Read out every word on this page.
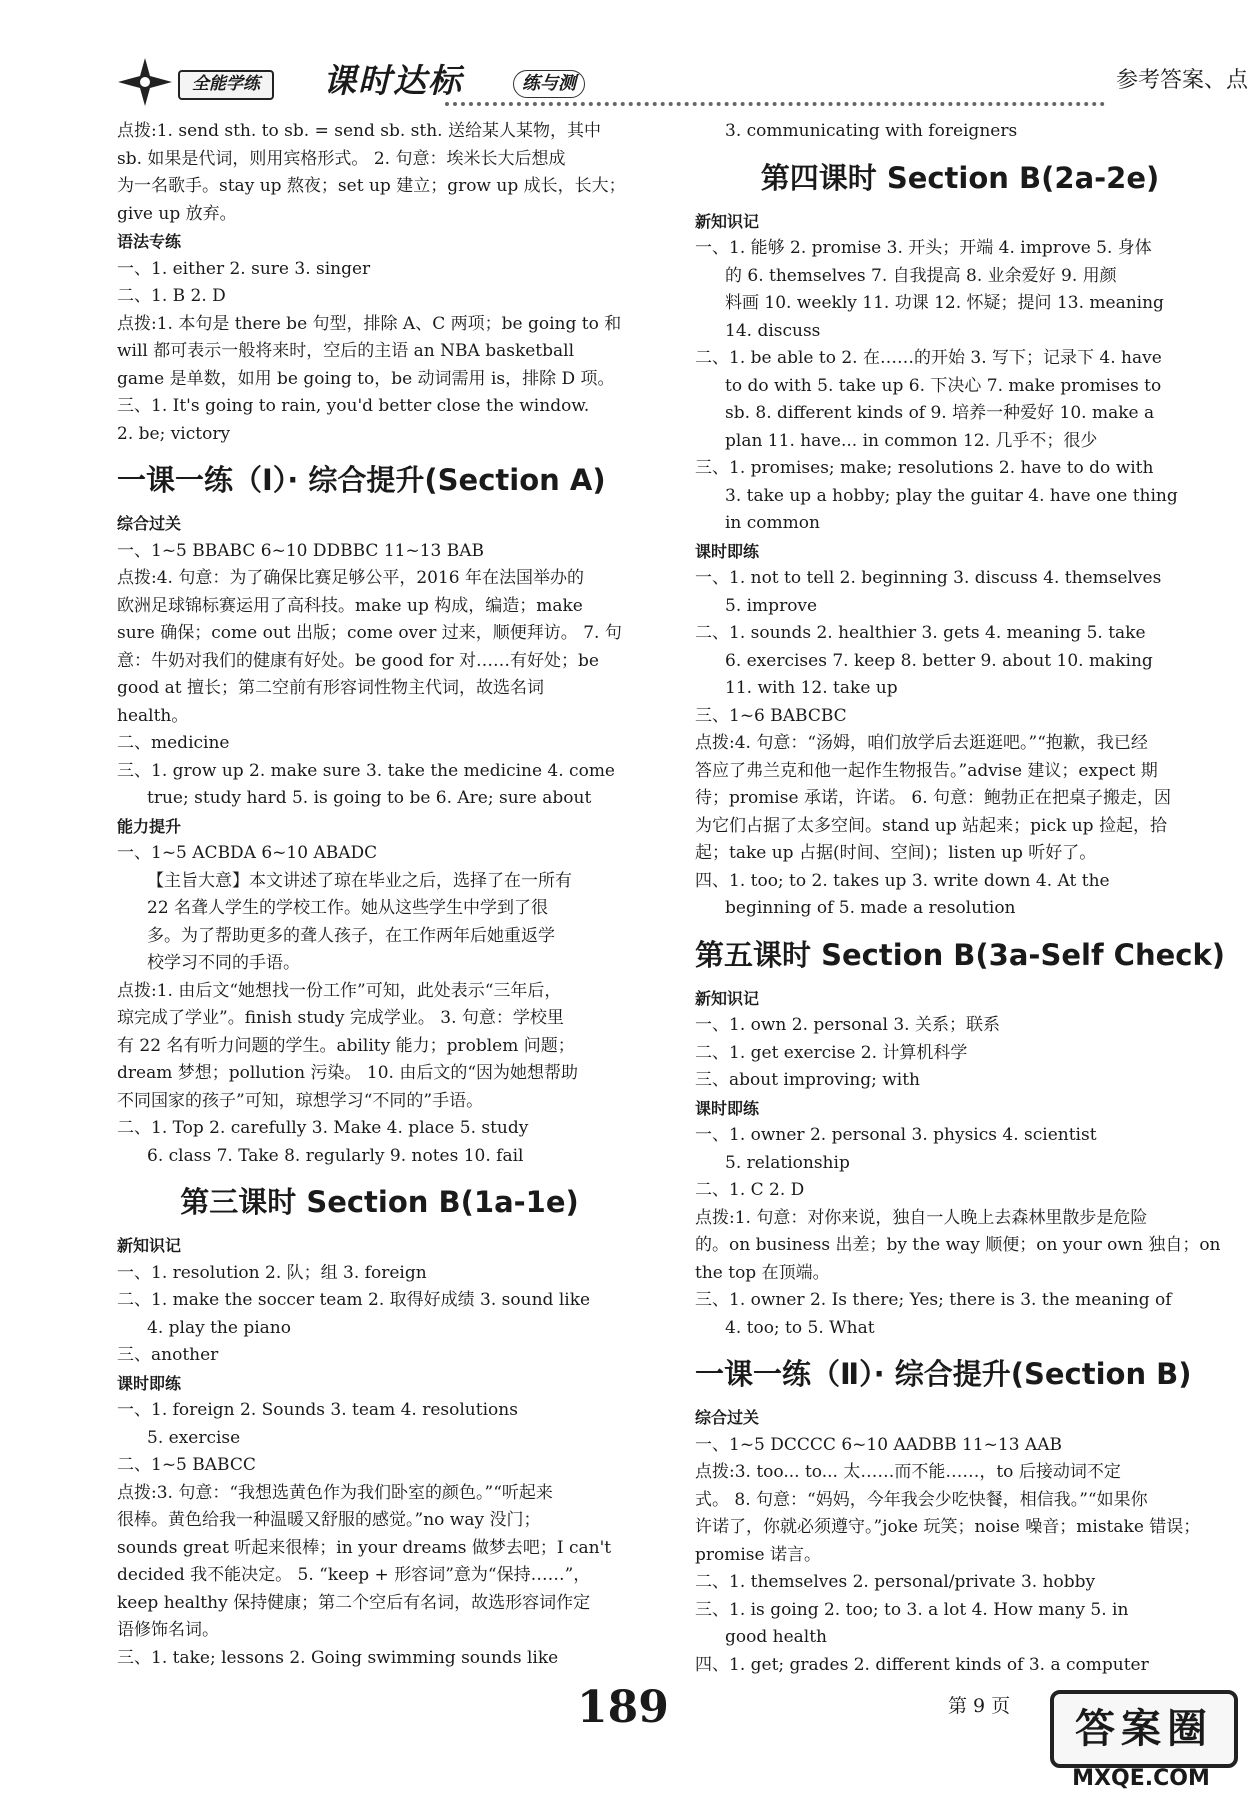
全能学练	课时达标	练与测	参考答案、点
点拨:1. send sth. to sb. = send sb. sth. 送给某人某物，其中
sb. 如果是代词，则用宾格形式。 2. 句意：埃米长大后想成
为一名歌手。stay up 熬夜；set up 建立；grow up 成长，长大；
give up 放弃。
语法专练
一、1. either 2. sure 3. singer
二、1. B 2. D
点拨:1. 本句是 there be 句型，排除 A、C 两项；be going to 和
will 都可表示一般将来时，空后的主语 an NBA basketball
game 是单数，如用 be going to，be 动词需用 is，排除 D 项。
三、1. It's going to rain, you'd better close the window.
2. be; victory
一课一练（Ⅰ）· 综合提升(Section A)
综合过关
一、1~5 BBABC 6~10 DDBBC 11~13 BAB
点拨:4. 句意：为了确保比赛足够公平，2016 年在法国举办的
欧洲足球锦标赛运用了高科技。make up 构成，编造；make
sure 确保；come out 出版；come over 过来，顺便拜访。 7. 句
意：牛奶对我们的健康有好处。be good for 对……有好处；be
good at 擅长；第二空前有形容词性物主代词，故选名词
health。
二、medicine
三、1. grow up 2. make sure 3. take the medicine 4. come
true; study hard 5. is going to be 6. Are; sure about
能力提升
一、1~5 ACBDA 6~10 ABADC
【主旨大意】本文讲述了琼在毕业之后，选择了在一所有
22 名聋人学生的学校工作。她从这些学生中学到了很
多。为了帮助更多的聋人孩子，在工作两年后她重返学
校学习不同的手语。
点拨:1. 由后文“她想找一份工作”可知，此处表示“三年后，
琼完成了学业”。finish study 完成学业。 3. 句意：学校里
有 22 名有听力问题的学生。ability 能力；problem 问题；
dream 梦想；pollution 污染。 10. 由后文的“因为她想帮助
不同国家的孩子”可知，琼想学习“不同的”手语。
二、1. Top 2. carefully 3. Make 4. place 5. study
6. class 7. Take 8. regularly 9. notes 10. fail
第三课时 Section B(1a-1e)
新知识记
一、1. resolution 2. 队；组 3. foreign
二、1. make the soccer team 2. 取得好成绩 3. sound like
4. play the piano
三、another
课时即练
一、1. foreign 2. Sounds 3. team 4. resolutions
5. exercise
二、1~5 BABCC
点拨:3. 句意：“我想选黄色作为我们卧室的颜色。”“听起来
很棒。黄色给我一种温暖又舒服的感觉。”no way 没门；
sounds great 听起来很棒；in your dreams 做梦去吧；I can't
decided 我不能决定。 5. “keep + 形容词”意为“保持……”，
keep healthy 保持健康；第二个空后有名词，故选形容词作定
语修饰名词。
三、1. take; lessons 2. Going swimming sounds like
3. communicating with foreigners
第四课时 Section B(2a-2e)
新知识记
一、1. 能够 2. promise 3. 开头；开端 4. improve 5. 身体
的 6. themselves 7. 自我提高 8. 业余爱好 9. 用颜
料画 10. weekly 11. 功课 12. 怀疑；提问 13. meaning
14. discuss
二、1. be able to 2. 在……的开始 3. 写下；记录下 4. have
to do with 5. take up 6. 下决心 7. make promises to
sb. 8. different kinds of 9. 培养一种爱好 10. make a
plan 11. have... in common 12. 几乎不；很少
三、1. promises; make; resolutions 2. have to do with
3. take up a hobby; play the guitar 4. have one thing
in common
课时即练
一、1. not to tell 2. beginning 3. discuss 4. themselves
5. improve
二、1. sounds 2. healthier 3. gets 4. meaning 5. take
6. exercises 7. keep 8. better 9. about 10. making
11. with 12. take up
三、1~6 BABCBC
点拨:4. 句意：“汤姆，咱们放学后去逛逛吧。”“抱歉，我已经
答应了弗兰克和他一起作生物报告。”advise 建议；expect 期
待；promise 承诺，许诺。 6. 句意：鲍勃正在把桌子搬走，因
为它们占据了太多空间。stand up 站起来；pick up 捡起，拾
起；take up 占据(时间、空间)；listen up 听好了。
四、1. too; to 2. takes up 3. write down 4. At the
beginning of 5. made a resolution
第五课时 Section B(3a-Self Check)
新知识记
一、1. own 2. personal 3. 关系；联系
二、1. get exercise 2. 计算机科学
三、about improving; with
课时即练
一、1. owner 2. personal 3. physics 4. scientist
5. relationship
二、1. C 2. D
点拨:1. 句意：对你来说，独自一人晚上去森林里散步是危险
的。on business 出差；by the way 顺便；on your own 独自；on
the top 在顶端。
三、1. owner 2. Is there; Yes; there is 3. the meaning of
4. too; to 5. What
一课一练（Ⅱ）· 综合提升(Section B)
综合过关
一、1~5 DCCCC 6~10 AADBB 11~13 AAB
点拨:3. too... to... 太……而不能……，to 后接动词不定
式。 8. 句意：“妈妈，今年我会少吃快餐，相信我。”“如果你
许诺了，你就必须遵守。”joke 玩笑；noise 噪音；mistake 错误；
promise 诺言。
二、1. themselves 2. personal/private 3. hobby
三、1. is going 2. too; to 3. a lot 4. How many 5. in
good health
四、1. get; grades 2. different kinds of 3. a computer
189	第 9 页	答案圈
MXQE.COM
